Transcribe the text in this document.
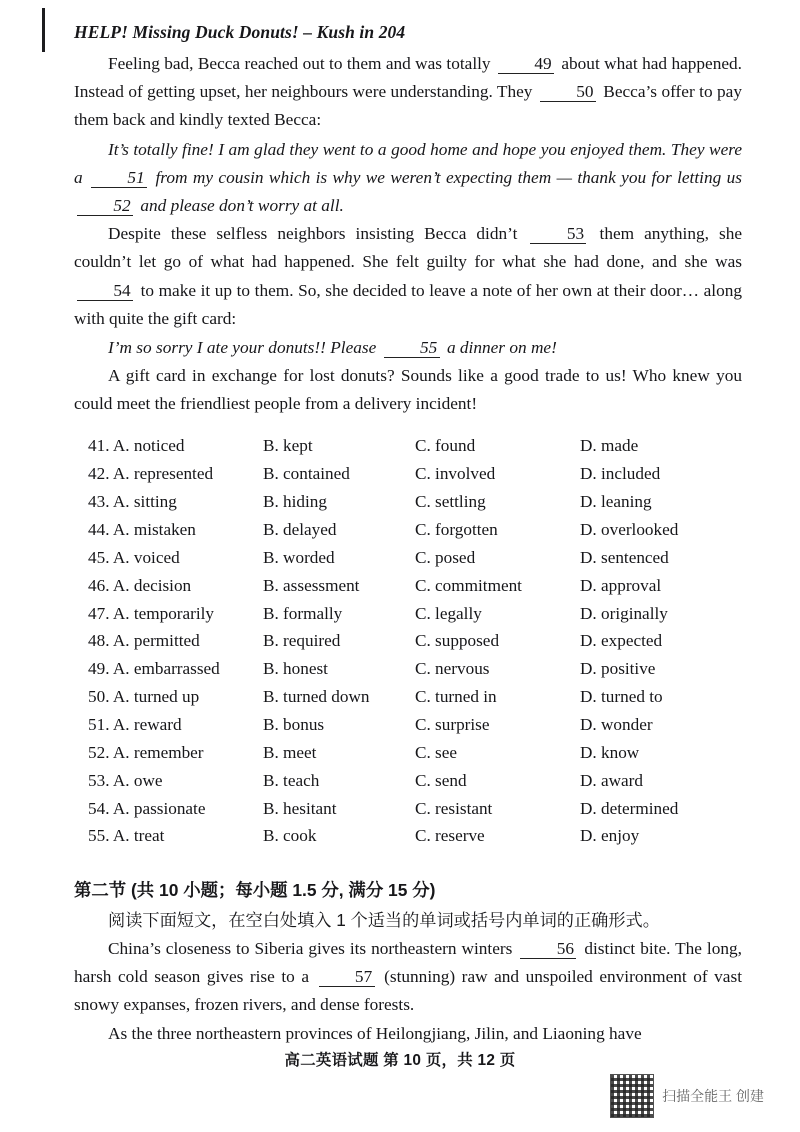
HELP! Missing Duck Donuts! – Kush in 204

Feeling bad, Becca reached out to them and was totally	49 about what had happened. Instead of getting upset, her neighbours were understanding. They	50 Becca’s offer to pay them back and kindly texted Becca:

It’s totally fine! I am glad they went to a good home and hope you enjoyed them. They were a	51 from my cousin which is why we weren’t expecting them — thank you for letting us 52 and please don’t worry at all.

Despite these selfless neighbors insisting Becca didn’t	53 them anything, she couldn’t let go of what had happened. She felt guilty for what she had done, and she was 54 to make it up to them. So, she decided to leave a note of her own at their door… along with quite the gift card:

I’m so sorry I ate your donuts!! Please	55 a dinner on me!

A gift card in exchange for lost donuts? Sounds like a good trade to us! Who knew you could meet the friendliest people from a delivery incident!

41. A. noticed	B. kept	C. found	D. made
42. A. represented	B. contained	C. involved	D. included
43. A. sitting	B. hiding	C. settling	D. leaning
44. A. mistaken	B. delayed	C. forgotten	D. overlooked
45. A. voiced	B. worded	C. posed	D. sentenced
46. A. decision	B. assessment	C. commitment	D. approval
47. A. temporarily	B. formally	C. legally	D. originally
48. A. permitted	B. required	C. supposed	D. expected
49. A. embarrassed	B. honest	C. nervous	D. positive
50. A. turned up	B. turned down	C. turned in	D. turned to
51. A. reward	B. bonus	C. surprise	D. wonder
52. A. remember	B. meet	C. see	D. know
53. A. owe	B. teach	C. send	D. award
54. A. passionate	B. hesitant	C. resistant	D. determined
55. A. treat	B. cook	C. reserve	D. enjoy
第二节 (共 10 小题；每小题 1.5 分, 满分 15 分)
阅读下面短文，在空白处填入 1 个适当的单词或括号内单词的正确形式。

China’s closeness to Siberia gives its northeastern winters	56 distinct bite. The long, harsh cold season gives rise to a	57 (stunning) raw and unspoiled environment of vast snowy expanses, frozen rivers, and dense forests.

As the three northeastern provinces of Heilongjiang, Jilin, and Liaoning have

高二英语试题 第 10 页，共 12 页
扫描全能王 创建
